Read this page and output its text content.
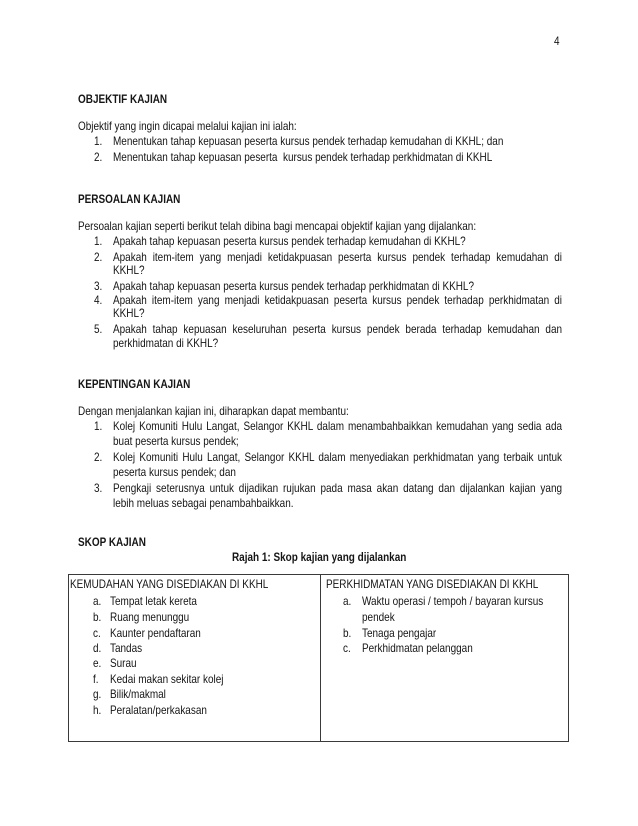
4
OBJEKTIF KAJIAN
Objektif yang ingin dicapai melalui kajian ini ialah:
1. Menentukan tahap kepuasan peserta kursus pendek terhadap kemudahan di KKHL; dan
2. Menentukan tahap kepuasan peserta  kursus pendek terhadap perkhidmatan di KKHL
PERSOALAN KAJIAN
Persoalan kajian seperti berikut telah dibina bagi mencapai objektif kajian yang dijalankan:
1. Apakah tahap kepuasan peserta kursus pendek terhadap kemudahan di KKHL?
2. Apakah item-item yang menjadi ketidakpuasan peserta kursus pendek terhadap kemudahan di
KKHL?
3. Apakah tahap kepuasan peserta kursus pendek terhadap perkhidmatan di KKHL?
4. Apakah item-item yang menjadi ketidakpuasan peserta kursus pendek terhadap perkhidmatan di
KKHL?
5. Apakah tahap kepuasan keseluruhan peserta kursus pendek berada terhadap kemudahan dan
perkhidmatan di KKHL?
KEPENTINGAN KAJIAN
Dengan menjalankan kajian ini, diharapkan dapat membantu:
1. Kolej Komuniti Hulu Langat, Selangor KKHL dalam menambahbaikkan kemudahan yang sedia ada
buat peserta kursus pendek;
2. Kolej Komuniti Hulu Langat, Selangor KKHL dalam menyediakan perkhidmatan yang terbaik untuk
peserta kursus pendek; dan
3. Pengkaji seterusnya untuk dijadikan rujukan pada masa akan datang dan dijalankan kajian yang
lebih meluas sebagai penambahbaikkan.
SKOP KAJIAN
Rajah 1: Skop kajian yang dijalankan
KEMUDAHAN YANG DISEDIAKAN DI KKHL
a. Tempat letak kereta
b. Ruang menunggu
c. Kaunter pendaftaran
d. Tandas
e. Surau
f. Kedai makan sekitar kolej
g. Bilik/makmal
h. Peralatan/perkakasan
PERKHIDMATAN YANG DISEDIAKAN DI KKHL
a. Waktu operasi / tempoh / bayaran kursus
pendek
b. Tenaga pengajar
c. Perkhidmatan pelanggan
